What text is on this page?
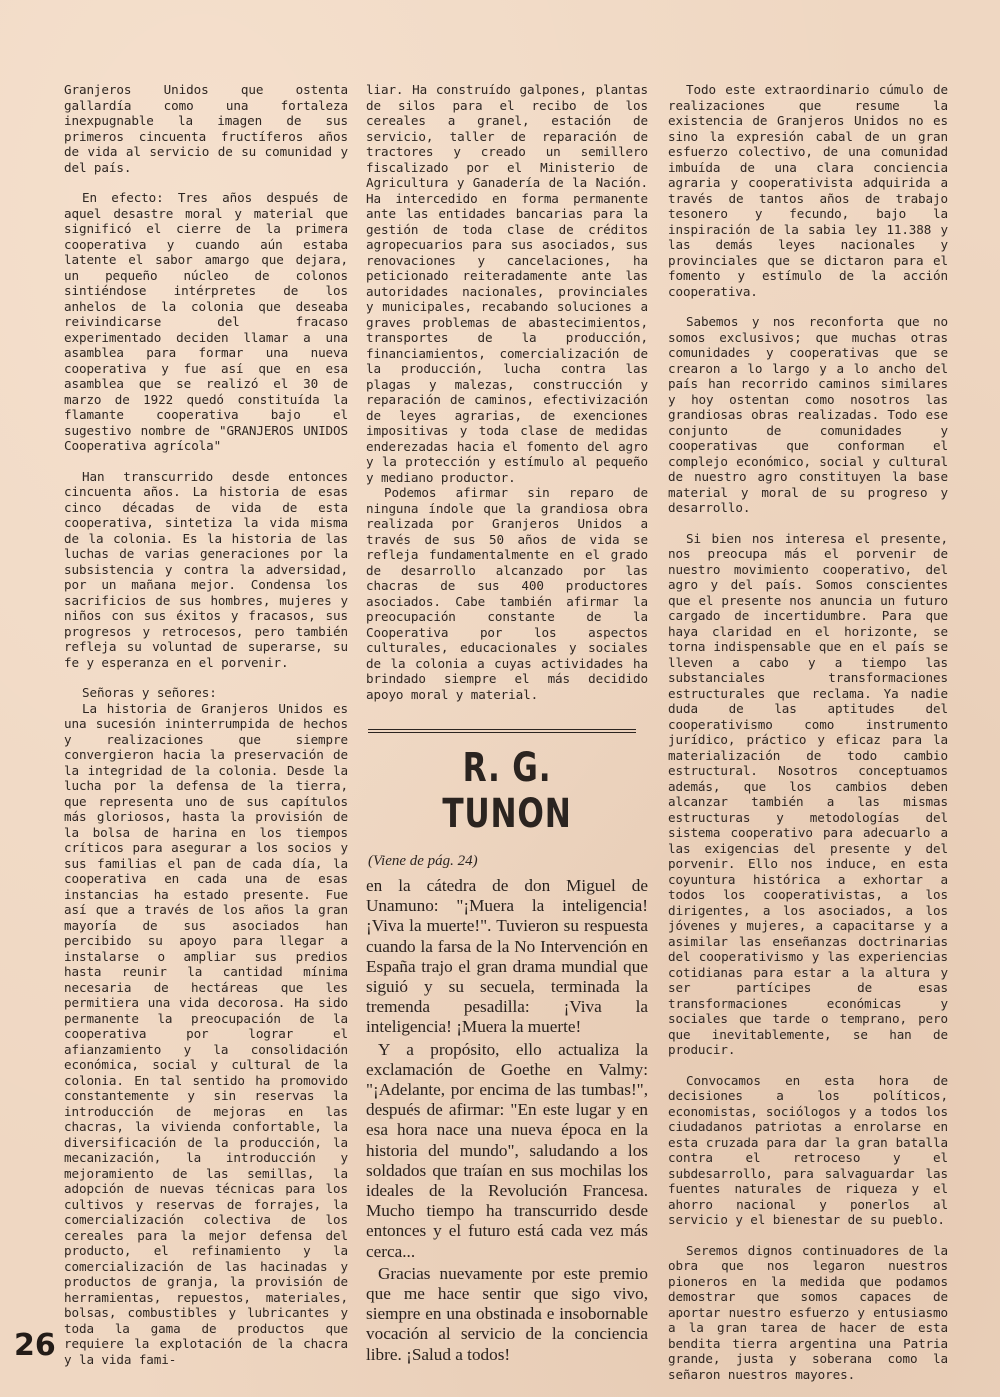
Granjeros Unidos que ostenta gallardía como una fortaleza inexpugnable la imagen de sus primeros cincuenta fructíferos años de vida al servicio de su comunidad y del país.

En efecto: Tres años después de aquel desastre moral y material que significó el cierre de la primera cooperativa y cuando aún estaba latente el sabor amargo que dejara, un pequeño núcleo de colonos sintiéndose intérpretes de los anhelos de la colonia que deseaba reivindicarse del fracaso experimentado deciden llamar a una asamblea para formar una nueva cooperativa y fue así que en esa asamblea que se realizó el 30 de marzo de 1922 quedó constituída la flamante cooperativa bajo el sugestivo nombre de "GRANJEROS UNIDOS Cooperativa agrícola"

Han transcurrido desde entonces cincuenta años. La historia de esas cinco décadas de vida de esta cooperativa, sintetiza la vida misma de la colonia. Es la historia de las luchas de varias generaciones por la subsistencia y contra la adversidad, por un mañana mejor. Condensa los sacrificios de sus hombres, mujeres y niños con sus éxitos y fracasos, sus progresos y retrocesos, pero también refleja su voluntad de superarse, su fe y esperanza en el porvenir.

Señoras y señores:

La historia de Granjeros Unidos es una sucesión ininterrumpida de hechos y realizaciones que siempre convergieron hacia la preservación de la integridad de la colonia. Desde la lucha por la defensa de la tierra, que representa uno de sus capítulos más gloriosos, hasta la provisión de la bolsa de harina en los tiempos críticos para asegurar a los socios y sus familias el pan de cada día, la cooperativa en cada una de esas instancias ha estado presente. Fue así que a través de los años la gran mayoría de sus asociados han percibido su apoyo para llegar a instalarse o ampliar sus predios hasta reunir la cantidad mínima necesaria de hectáreas que les permitiera una vida decorosa. Ha sido permanente la preocupación de la cooperativa por lograr el afianzamiento y la consolidación económica, social y cultural de la colonia. En tal sentido ha promovido constantemente y sin reservas la introducción de mejoras en las chacras, la vivienda confortable, la diversificación de la producción, la mecanización, la introducción y mejoramiento de las semillas, la adopción de nuevas técnicas para los cultivos y reservas de forrajes, la comercialización colectiva de los cereales para la mejor defensa del producto, el refinamiento y la comercialización de las hacinadas y productos de granja, la provisión de herramientas, repuestos, materiales, bolsas, combustibles y lubricantes y toda la gama de productos que requiere la explotación de la chacra y la vida fami-

liar. Ha construído galpones, plantas de silos para el recibo de los cereales a granel, estación de servicio, taller de reparación de tractores y creado un semillero fiscalizado por el Ministerio de Agricultura y Ganadería de la Nación. Ha intercedido en forma permanente ante las entidades bancarias para la gestión de toda clase de créditos agropecuarios para sus asociados, sus renovaciones y cancelaciones, ha peticionado reiteradamente ante las autoridades nacionales, provinciales y municipales, recabando soluciones a graves problemas de abastecimientos, transportes de la producción, financiamientos, comercialización de la producción, lucha contra las plagas y malezas, construcción y reparación de caminos, efectivización de leyes agrarias, de exenciones impositivas y toda clase de medidas enderezadas hacia el fomento del agro y la protección y estímulo al pequeño y mediano productor.

Podemos afirmar sin reparo de ninguna índole que la grandiosa obra realizada por Granjeros Unidos a través de sus 50 años de vida se refleja fundamentalmente en el grado de desarrollo alcanzado por las chacras de sus 400 productores asociados. Cabe también afirmar la preocupación constante de la Cooperativa por los aspectos culturales, educacionales y sociales de la colonia a cuyas actividades ha brindado siempre el más decidido apoyo moral y material.

R. G. TUNON
(Viene de pág. 24)

en la cátedra de don Miguel de Unamuno: "¡Muera la inteligencia! ¡Viva la muerte!". Tuvieron su respuesta cuando la farsa de la No Intervención en España trajo el gran drama mundial que siguió y su secuela, terminada la tremenda pesadilla: ¡Viva la inteligencia! ¡Muera la muerte!

Y a propósito, ello actualiza la exclamación de Goethe en Valmy: "¡Adelante, por encima de las tumbas!", después de afirmar: "En este lugar y en esa hora nace una nueva época en la historia del mundo", saludando a los soldados que traían en sus mochilas los ideales de la Revolución Francesa. Mucho tiempo ha transcurrido desde entonces y el futuro está cada vez más cerca...

Gracias nuevamente por este premio que me hace sentir que sigo vivo, siempre en una obstinada e insobornable vocación al servicio de la conciencia libre. ¡Salud a todos!

Todo este extraordinario cúmulo de realizaciones que resume la existencia de Granjeros Unidos no es sino la expresión cabal de un gran esfuerzo colectivo, de una comunidad imbuída de una clara conciencia agraria y cooperativista adquirida a través de tantos años de trabajo tesonero y fecundo, bajo la inspiración de la sabia ley 11.388 y las demás leyes nacionales y provinciales que se dictaron para el fomento y estímulo de la acción cooperativa.

Sabemos y nos reconforta que no somos exclusivos; que muchas otras comunidades y cooperativas que se crearon a lo largo y a lo ancho del país han recorrido caminos similares y hoy ostentan como nosotros las grandiosas obras realizadas. Todo ese conjunto de comunidades y cooperativas que conforman el complejo económico, social y cultural de nuestro agro constituyen la base material y moral de su progreso y desarrollo.

Si bien nos interesa el presente, nos preocupa más el porvenir de nuestro movimiento cooperativo, del agro y del país. Somos conscientes que el presente nos anuncia un futuro cargado de incertidumbre. Para que haya claridad en el horizonte, se torna indispensable que en el país se lleven a cabo y a tiempo las substanciales transformaciones estructurales que reclama. Ya nadie duda de las aptitudes del cooperativismo como instrumento jurídico, práctico y eficaz para la materialización de todo cambio estructural. Nosotros conceptuamos además, que los cambios deben alcanzar también a las mismas estructuras y metodologías del sistema cooperativo para adecuarlo a las exigencias del presente y del porvenir. Ello nos induce, en esta coyuntura histórica a exhortar a todos los cooperativistas, a los dirigentes, a los asociados, a los jóvenes y mujeres, a capacitarse y a asimilar las enseñanzas doctrinarias del cooperativismo y las experiencias cotidianas para estar a la altura y ser partícipes de esas transformaciones económicas y sociales que tarde o temprano, pero que inevitablemente, se han de producir.

Convocamos en esta hora de decisiones a los políticos, economistas, sociólogos y a todos los ciudadanos patriotas a enrolarse en esta cruzada para dar la gran batalla contra el retroceso y el subdesarrollo, para salvaguardar las fuentes naturales de riqueza y el ahorro nacional y ponerlos al servicio y el bienestar de su pueblo.

Seremos dignos continuadores de la obra que nos legaron nuestros pioneros en la medida que podamos demostrar que somos capaces de aportar nuestro esfuerzo y entusiasmo a la gran tarea de hacer de esta bendita tierra argentina una Patria grande, justa y soberana como la señaron nuestros mayores.

26
